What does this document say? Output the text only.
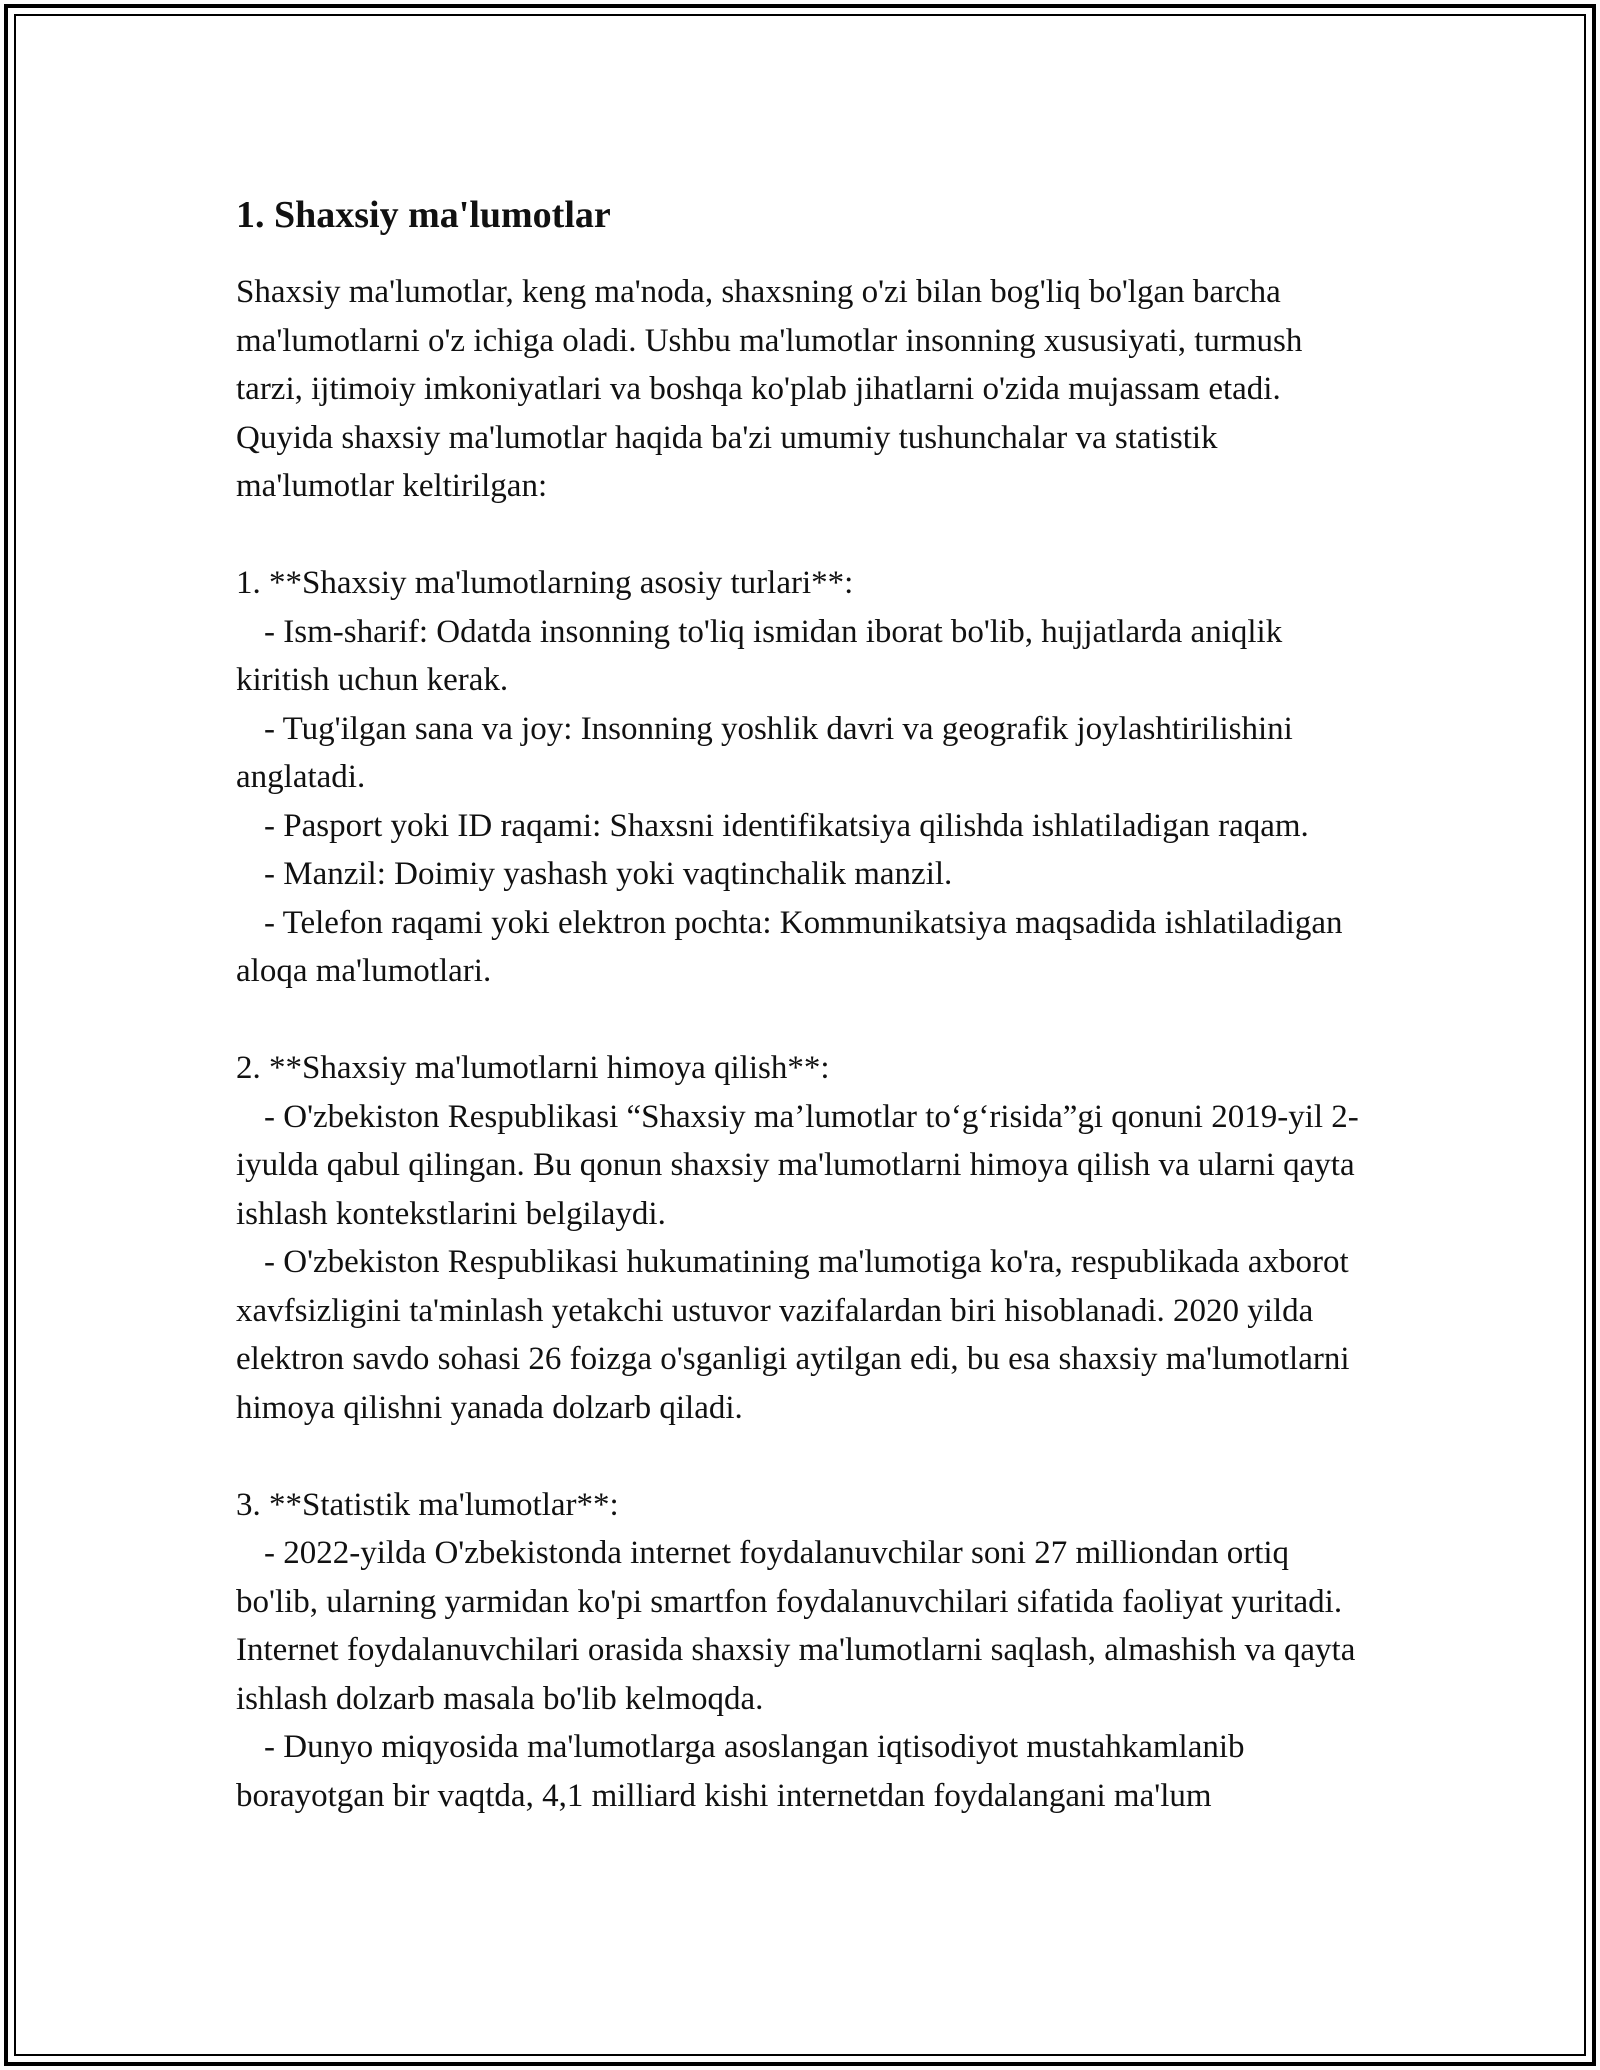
1. Shaxsiy ma'lumotlar

Shaxsiy ma'lumotlar, keng ma'noda, shaxsning o'zi bilan bog'liq bo'lgan barcha ma'lumotlarni o'z ichiga oladi. Ushbu ma'lumotlar insonning xususiyati, turmush tarzi, ijtimoiy imkoniyatlari va boshqa ko'plab jihatlarni o'zida mujassam etadi. Quyida shaxsiy ma'lumotlar haqida ba'zi umumiy tushunchalar va statistik ma'lumotlar keltirilgan:

1. **Shaxsiy ma'lumotlarning asosiy turlari**:

- Ism-sharif: Odatda insonning to'liq ismidan iborat bo'lib, hujjatlarda aniqlik kiritish uchun kerak.

- Tug'ilgan sana va joy: Insonning yoshlik davri va geografik joylashtirilishini anglatadi.

- Pasport yoki ID raqami: Shaxsni identifikatsiya qilishda ishlatiladigan raqam.

- Manzil: Doimiy yashash yoki vaqtinchalik manzil.

- Telefon raqami yoki elektron pochta: Kommunikatsiya maqsadida ishlatiladigan aloqa ma'lumotlari.

2. **Shaxsiy ma'lumotlarni himoya qilish**:

- O'zbekiston Respublikasi “Shaxsiy ma’lumotlar to‘g‘risida”gi qonuni 2019-yil 2-iyulda qabul qilingan. Bu qonun shaxsiy ma'lumotlarni himoya qilish va ularni qayta ishlash kontekstlarini belgilaydi.

- O'zbekiston Respublikasi hukumatining ma'lumotiga ko'ra, respublikada axborot xavfsizligini ta'minlash yetakchi ustuvor vazifalardan biri hisoblanadi. 2020 yilda elektron savdo sohasi 26 foizga o'sganligi aytilgan edi, bu esa shaxsiy ma'lumotlarni himoya qilishni yanada dolzarb qiladi.

3. **Statistik ma'lumotlar**:

- 2022-yilda O'zbekistonda internet foydalanuvchilar soni 27 milliondan ortiq bo'lib, ularning yarmidan ko'pi smartfon foydalanuvchilari sifatida faoliyat yuritadi. Internet foydalanuvchilari orasida shaxsiy ma'lumotlarni saqlash, almashish va qayta ishlash dolzarb masala bo'lib kelmoqda.

- Dunyo miqyosida ma'lumotlarga asoslangan iqtisodiyot mustahkamlanib borayotgan bir vaqtda, 4,1 milliard kishi internetdan foydalangani ma'lum
